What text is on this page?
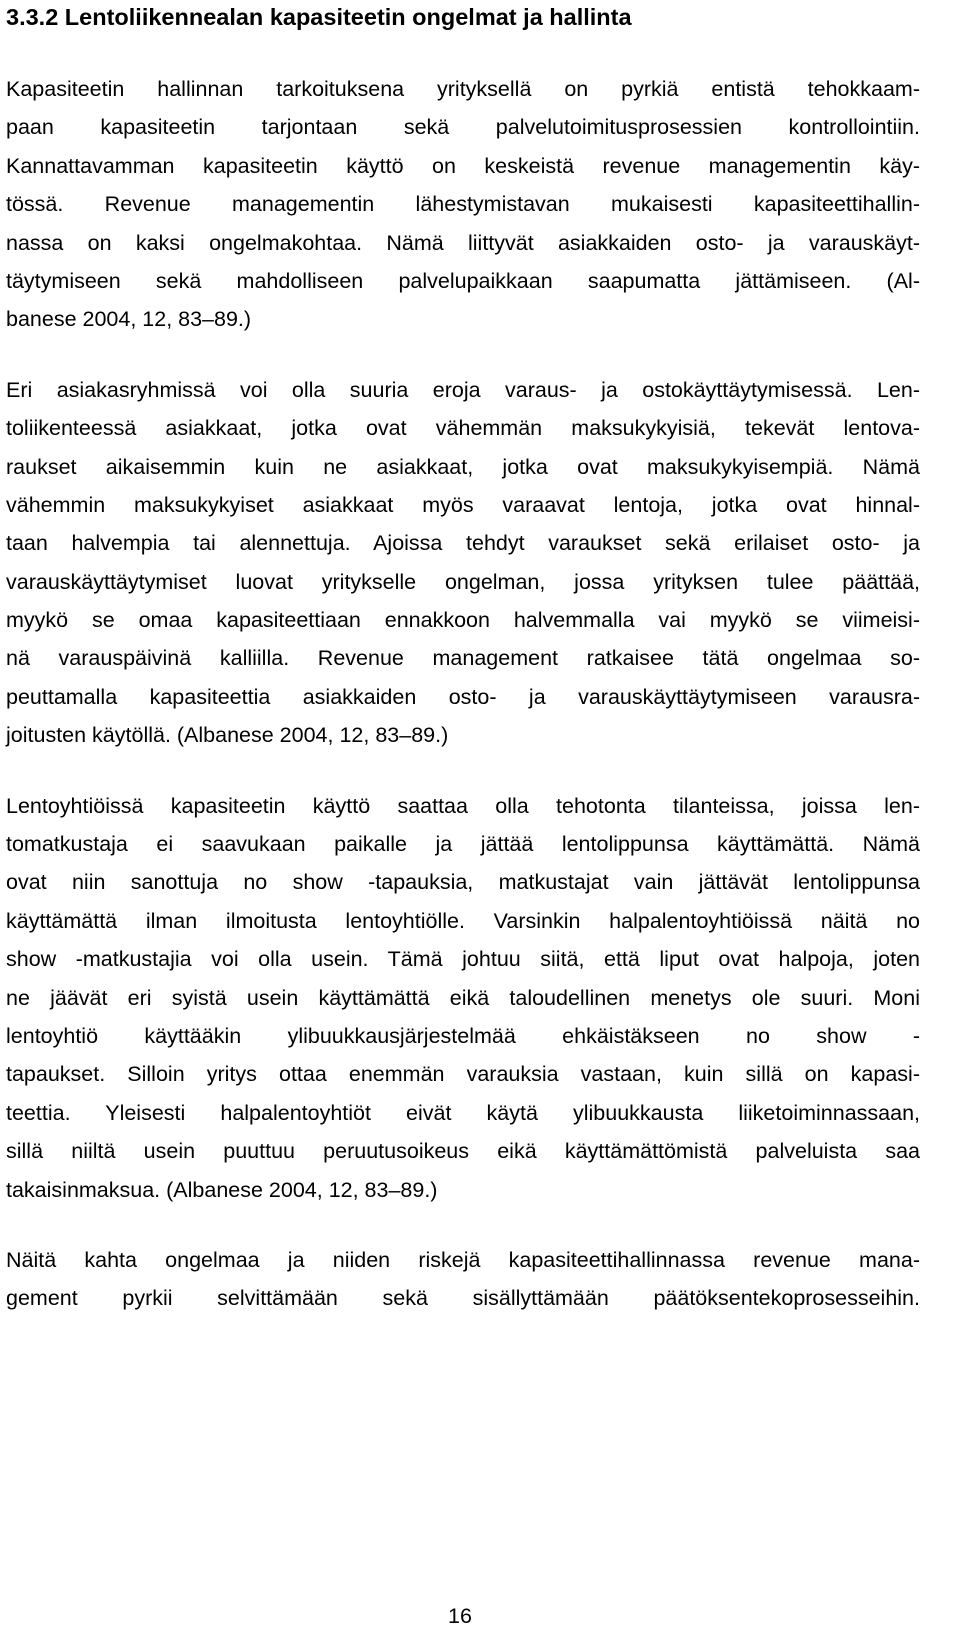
3.3.2 Lentoliikennealan kapasiteetin ongelmat ja hallinta
Kapasiteetin hallinnan tarkoituksena yrityksellä on pyrkiä entistä tehokkaam-
paan kapasiteetin tarjontaan sekä palvelutoimitusprosessien kontrollointiin.
Kannattavamman kapasiteetin käyttö on keskeistä revenue managementin käy-
tössä. Revenue managementin lähestymistavan mukaisesti kapasiteettihallin-
nassa on kaksi ongelmakohtaa. Nämä liittyvät asiakkaiden osto- ja varauskäyt-
täytymiseen sekä mahdolliseen palvelupaikkaan saapumatta jättämiseen. (Al-
banese 2004, 12, 83‒89.)
Eri asiakasryhmissä voi olla suuria eroja varaus- ja ostokäyttäytymisessä. Len-
toliikenteessä asiakkaat, jotka ovat vähemmän maksukykyisiä, tekevät lentova-
raukset aikaisemmin kuin ne asiakkaat, jotka ovat maksukykyisempiä. Nämä
vähemmin maksukykyiset asiakkaat myös varaavat lentoja, jotka ovat hinnal-
taan halvempia tai alennettuja. Ajoissa tehdyt varaukset sekä erilaiset osto- ja
varauskäyttäytymiset luovat yritykselle ongelman, jossa yrityksen tulee päättää,
myykö se omaa kapasiteettiaan ennakkoon halvemmalla vai myykö se viimeisi-
nä varauspäivinä kalliilla. Revenue management ratkaisee tätä ongelmaa so-
peuttamalla kapasiteettia asiakkaiden osto- ja varauskäyttäytymiseen varausra-
joitusten käytöllä. (Albanese 2004, 12, 83‒89.)
Lentoyhtiöissä kapasiteetin käyttö saattaa olla tehotonta tilanteissa, joissa len-
tomatkustaja ei saavukaan paikalle ja jättää lentolippunsa käyttämättä. Nämä
ovat niin sanottuja no show -tapauksia, matkustajat vain jättävät lentolippunsa
käyttämättä ilman ilmoitusta lentoyhtiölle. Varsinkin halpalentoyhtiöissä näitä no
show -matkustajia voi olla usein. Tämä johtuu siitä, että liput ovat halpoja, joten
ne jäävät eri syistä usein käyttämättä eikä taloudellinen menetys ole suuri. Moni
lentoyhtiö käyttääkin ylibuukkausjärjestelmää ehkäistäkseen no show -
tapaukset. Silloin yritys ottaa enemmän varauksia vastaan, kuin sillä on kapasi-
teettia. Yleisesti halpalentoyhtiöt eivät käytä ylibuukkausta liiketoiminnassaan,
sillä niiltä usein puuttuu peruutusoikeus eikä käyttämättömistä palveluista saa
takaisinmaksua. (Albanese 2004, 12, 83‒89.)
Näitä kahta ongelmaa ja niiden riskejä kapasiteettihallinnassa revenue mana-
gement pyrkii selvittämään sekä sisällyttämään päätöksentekoprosesseihin.
16
